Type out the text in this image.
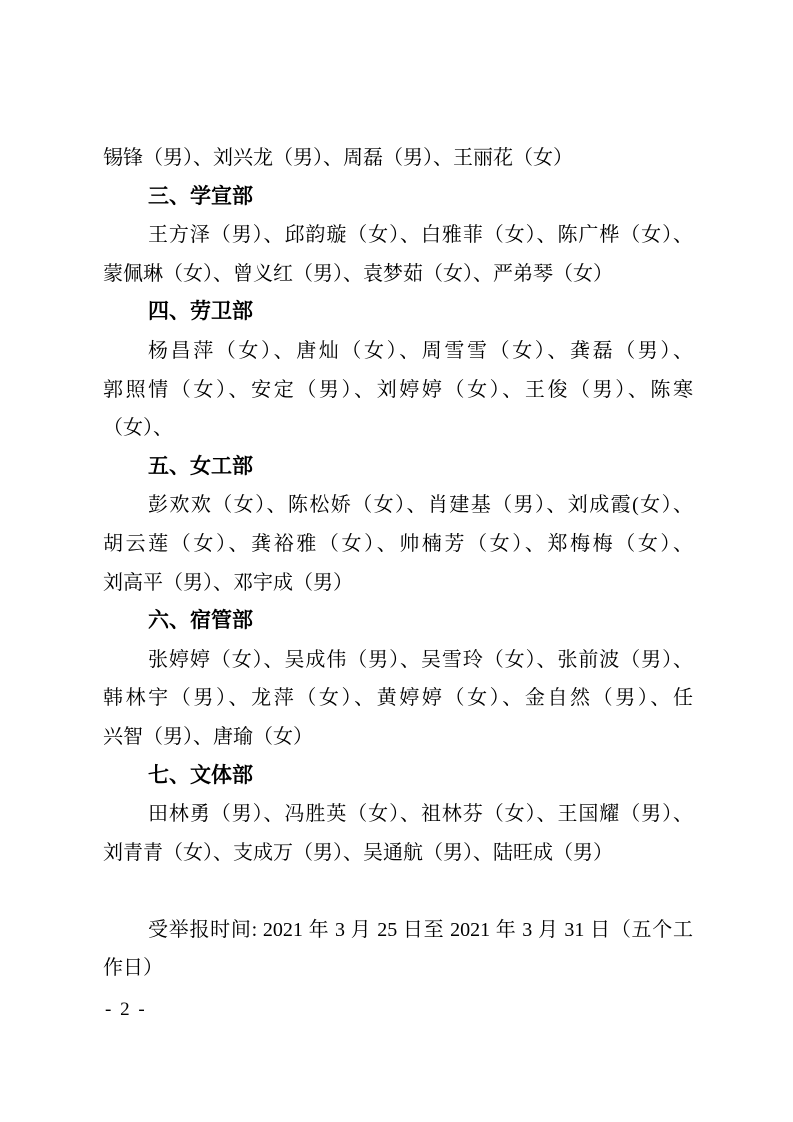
锡锋（男）、刘兴龙（男）、周磊（男）、王丽花（女）
三、学宣部
王方泽（男）、邱韵璇（女）、白雅菲（女）、陈广桦（女）、
蒙佩琳（女）、曾义红（男）、袁梦茹（女）、严弟琴（女）
四、劳卫部
杨昌萍（女）、唐灿（女）、周雪雪（女）、龚磊（男）、
郭照情（女）、安定（男）、刘婷婷（女）、王俊（男）、陈寒
（女）、
五、女工部
彭欢欢（女）、陈松娇（女）、肖建基（男）、刘成霞(女）、
胡云莲（女）、龚裕雅（女）、帅楠芳（女）、郑梅梅（女）、
刘高平（男）、邓宇成（男）
六、宿管部
张婷婷（女）、吴成伟（男）、吴雪玲（女）、张前波（男）、
韩林宇（男）、龙萍（女）、黄婷婷（女）、金自然（男）、任
兴智（男）、唐瑜（女）
七、文体部
田林勇（男）、冯胜英（女）、祖林芬（女）、王国耀（男）、
刘青青（女）、支成万（男）、吴通航（男）、陆旺成（男）
受举报时间: 2021 年 3 月 25 日至 2021 年 3 月 31 日（五个工
作日）
- 2 -
